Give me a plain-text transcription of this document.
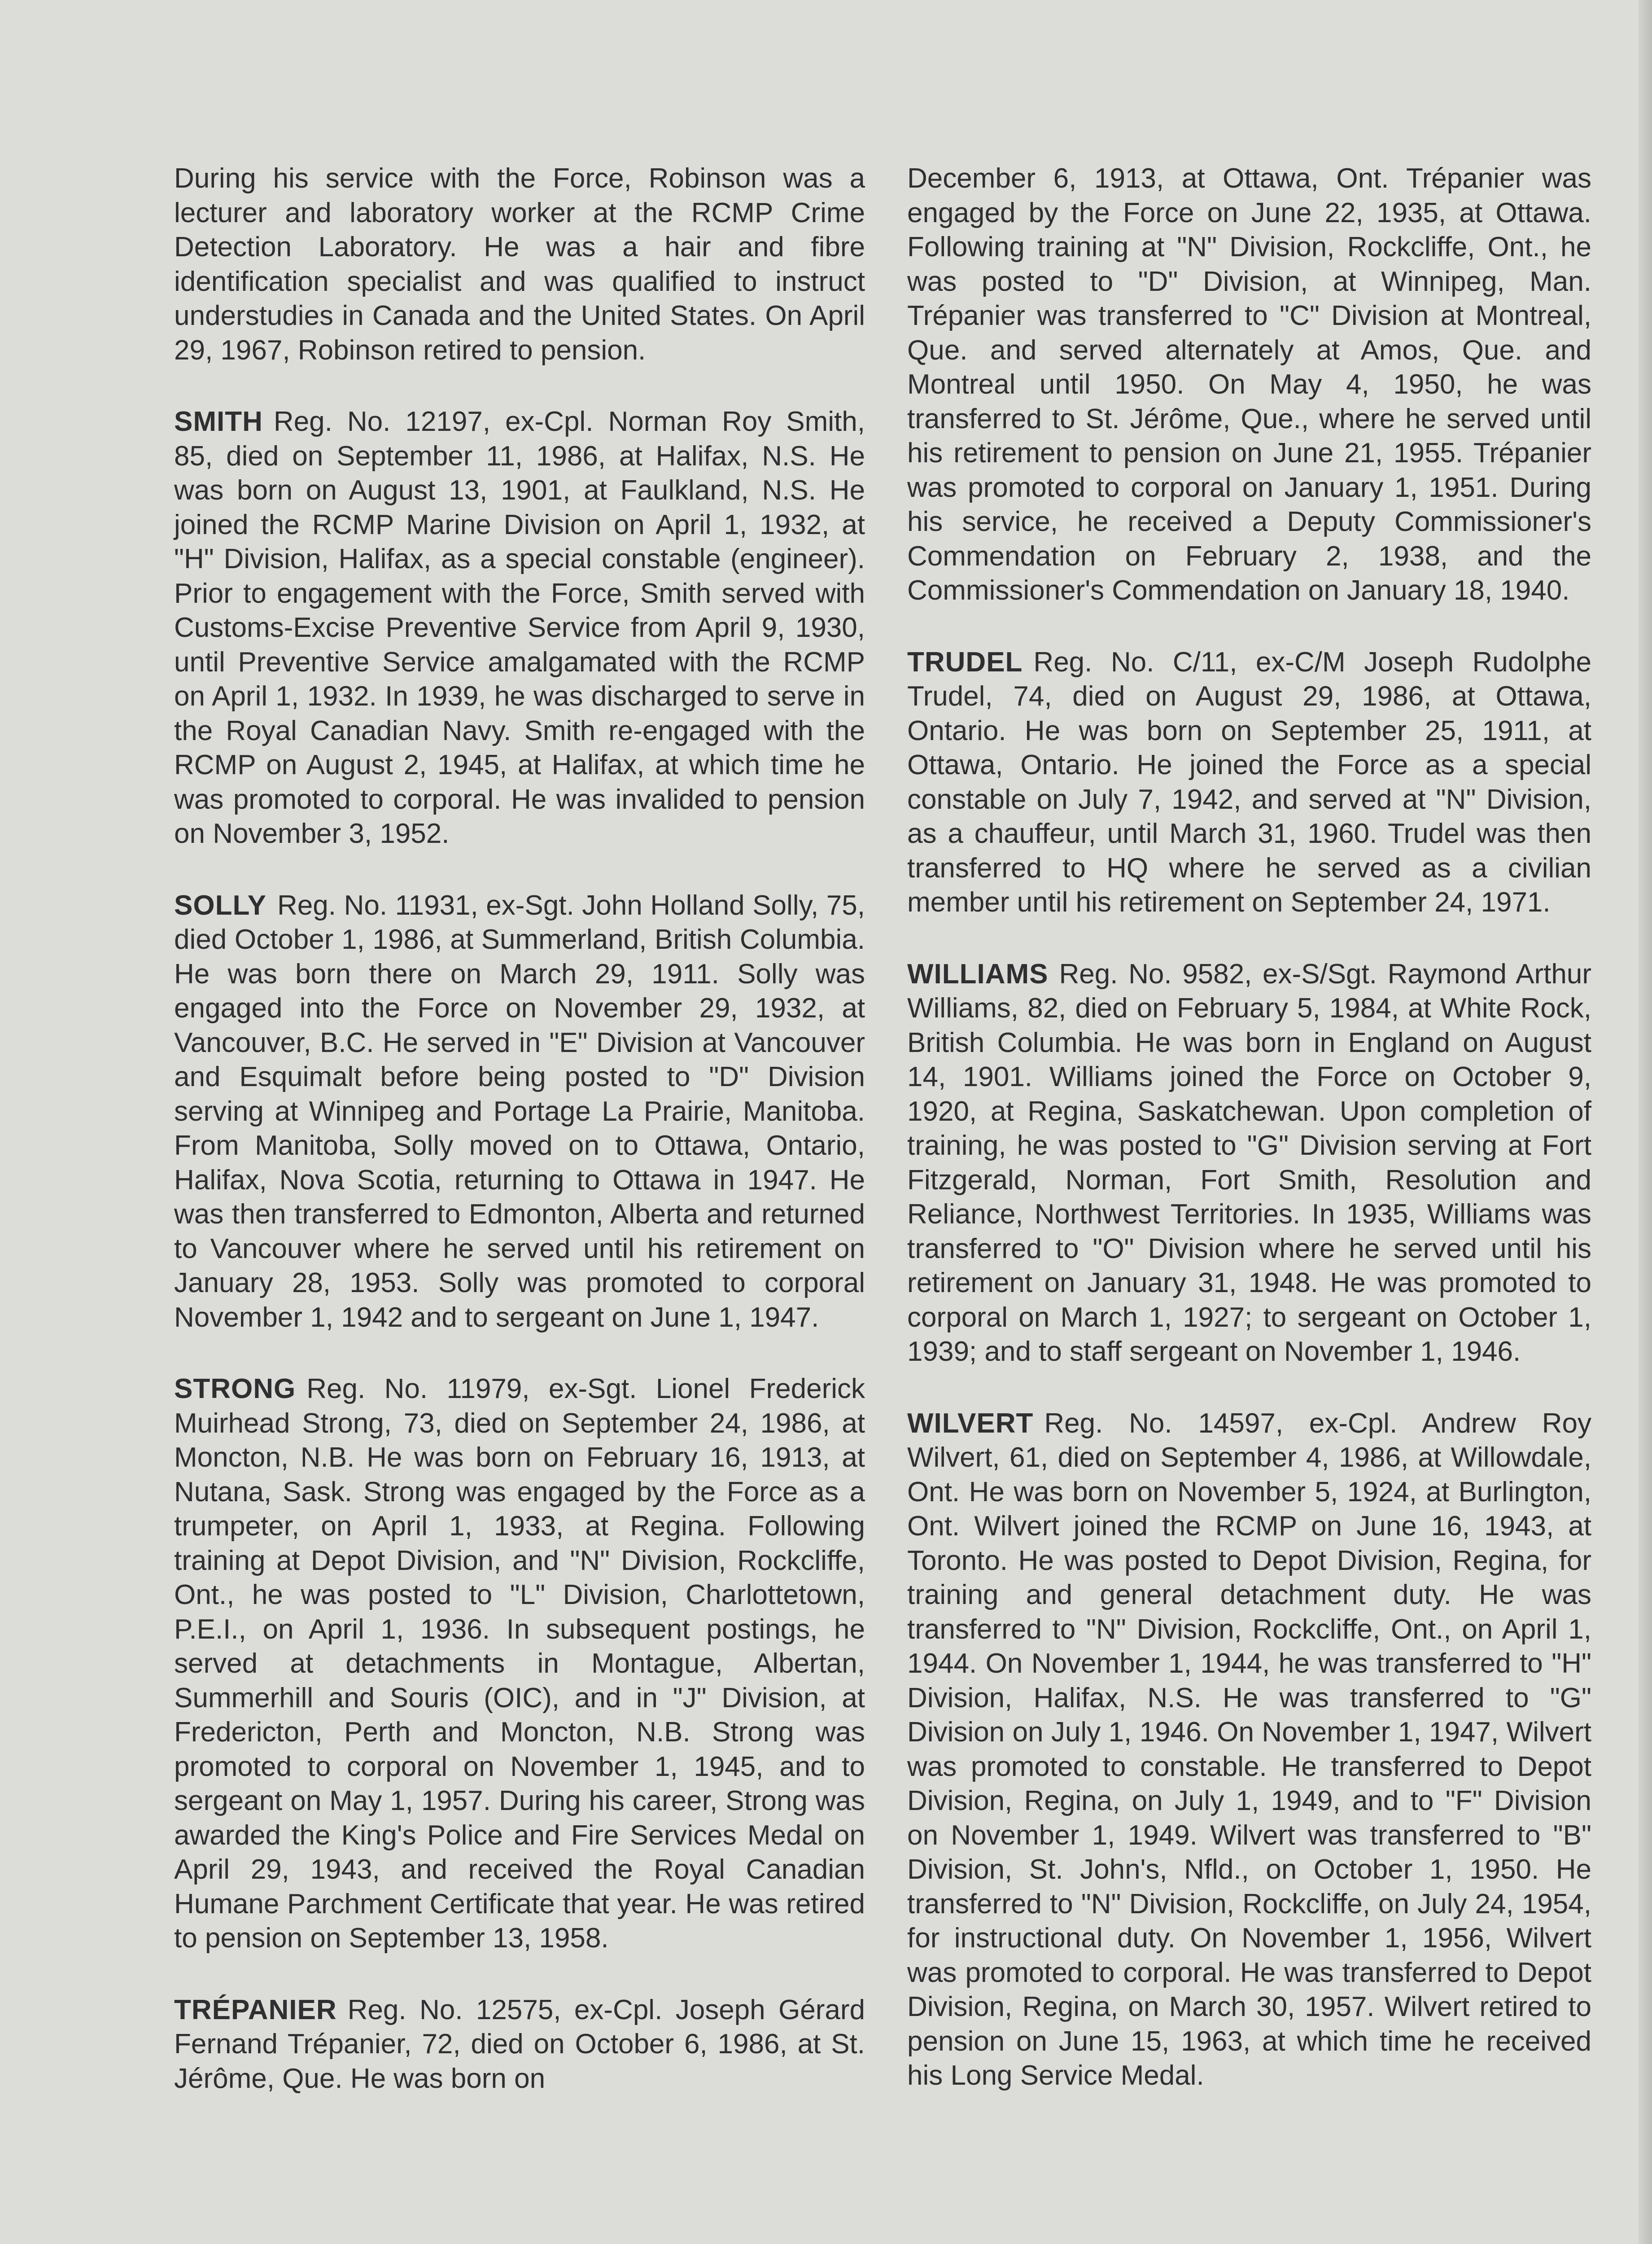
During his service with the Force, Robinson was a lecturer and laboratory worker at the RCMP Crime Detection Laboratory. He was a hair and fibre identification specialist and was qualified to instruct understudies in Canada and the United States. On April 29, 1967, Robinson retired to pension.

SMITH Reg. No. 12197, ex-Cpl. Norman Roy Smith, 85, died on September 11, 1986, at Halifax, N.S. He was born on August 13, 1901, at Faulkland, N.S. He joined the RCMP Marine Division on April 1, 1932, at "H" Division, Halifax, as a special constable (engineer). Prior to engagement with the Force, Smith served with Customs-Excise Preventive Service from April 9, 1930, until Preventive Service amalgamated with the RCMP on April 1, 1932. In 1939, he was discharged to serve in the Royal Canadian Navy. Smith re-engaged with the RCMP on August 2, 1945, at Halifax, at which time he was promoted to corporal. He was invalided to pension on November 3, 1952.

SOLLY Reg. No. 11931, ex-Sgt. John Holland Solly, 75, died October 1, 1986, at Summerland, British Columbia. He was born there on March 29, 1911. Solly was engaged into the Force on November 29, 1932, at Vancouver, B.C. He served in "E" Division at Vancouver and Esquimalt before being posted to "D" Division serving at Winnipeg and Portage La Prairie, Manitoba. From Manitoba, Solly moved on to Ottawa, Ontario, Halifax, Nova Scotia, returning to Ottawa in 1947. He was then transferred to Edmonton, Alberta and returned to Vancouver where he served until his retirement on January 28, 1953. Solly was promoted to corporal November 1, 1942 and to sergeant on June 1, 1947.

STRONG Reg. No. 11979, ex-Sgt. Lionel Frederick Muirhead Strong, 73, died on September 24, 1986, at Moncton, N.B. He was born on February 16, 1913, at Nutana, Sask. Strong was engaged by the Force as a trumpeter, on April 1, 1933, at Regina. Following training at Depot Division, and "N" Division, Rockcliffe, Ont., he was posted to "L" Division, Charlottetown, P.E.I., on April 1, 1936. In subsequent postings, he served at detachments in Montague, Albertan, Summerhill and Souris (OIC), and in "J" Division, at Fredericton, Perth and Moncton, N.B. Strong was promoted to corporal on November 1, 1945, and to sergeant on May 1, 1957. During his career, Strong was awarded the King's Police and Fire Services Medal on April 29, 1943, and received the Royal Canadian Humane Parchment Certificate that year. He was retired to pension on September 13, 1958.

TRÉPANIER Reg. No. 12575, ex-Cpl. Joseph Gérard Fernand Trépanier, 72, died on October 6, 1986, at St. Jérôme, Que. He was born on

December 6, 1913, at Ottawa, Ont. Trépanier was engaged by the Force on June 22, 1935, at Ottawa. Following training at "N" Division, Rockcliffe, Ont., he was posted to "D" Division, at Winnipeg, Man. Trépanier was transferred to "C" Division at Montreal, Que. and served alternately at Amos, Que. and Montreal until 1950. On May 4, 1950, he was transferred to St. Jérôme, Que., where he served until his retirement to pension on June 21, 1955. Trépanier was promoted to corporal on January 1, 1951. During his service, he received a Deputy Commissioner's Commendation on February 2, 1938, and the Commissioner's Commendation on January 18, 1940.

TRUDEL Reg. No. C/11, ex-C/M Joseph Rudolphe Trudel, 74, died on August 29, 1986, at Ottawa, Ontario. He was born on September 25, 1911, at Ottawa, Ontario. He joined the Force as a special constable on July 7, 1942, and served at "N" Division, as a chauffeur, until March 31, 1960. Trudel was then transferred to HQ where he served as a civilian member until his retirement on September 24, 1971.

WILLIAMS Reg. No. 9582, ex-S/Sgt. Raymond Arthur Williams, 82, died on February 5, 1984, at White Rock, British Columbia. He was born in England on August 14, 1901. Williams joined the Force on October 9, 1920, at Regina, Saskatchewan. Upon completion of training, he was posted to "G" Division serving at Fort Fitzgerald, Norman, Fort Smith, Resolution and Reliance, Northwest Territories. In 1935, Williams was transferred to "O" Division where he served until his retirement on January 31, 1948. He was promoted to corporal on March 1, 1927; to sergeant on October 1, 1939; and to staff sergeant on November 1, 1946.

WILVERT Reg. No. 14597, ex-Cpl. Andrew Roy Wilvert, 61, died on September 4, 1986, at Willowdale, Ont. He was born on November 5, 1924, at Burlington, Ont. Wilvert joined the RCMP on June 16, 1943, at Toronto. He was posted to Depot Division, Regina, for training and general detachment duty. He was transferred to "N" Division, Rockcliffe, Ont., on April 1, 1944. On November 1, 1944, he was transferred to "H" Division, Halifax, N.S. He was transferred to "G" Division on July 1, 1946. On November 1, 1947, Wilvert was promoted to constable. He transferred to Depot Division, Regina, on July 1, 1949, and to "F" Division on November 1, 1949. Wilvert was transferred to "B" Division, St. John's, Nfld., on October 1, 1950. He transferred to "N" Division, Rockcliffe, on July 24, 1954, for instructional duty. On November 1, 1956, Wilvert was promoted to corporal. He was transferred to Depot Division, Regina, on March 30, 1957. Wilvert retired to pension on June 15, 1963, at which time he received his Long Service Medal.
